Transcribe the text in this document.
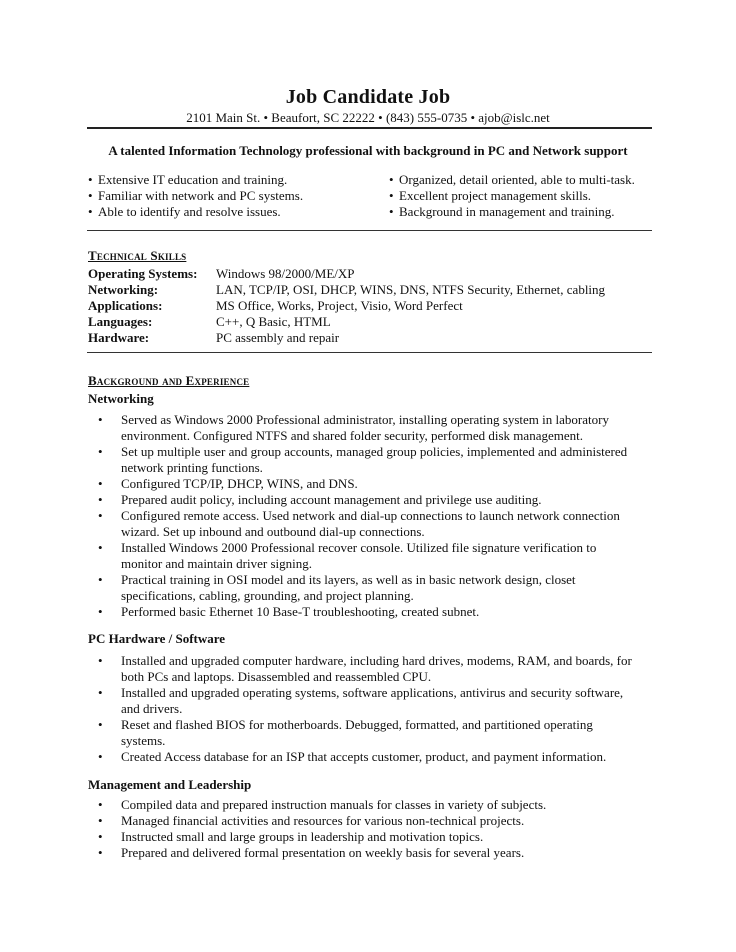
Job Candidate Job
2101 Main St. • Beaufort, SC 22222 • (843) 555-0735 • ajob@islc.net
A talented Information Technology professional with background in PC and Network support
• Extensive IT education and training.
• Familiar with network and PC systems.
• Able to identify and resolve issues.
• Organized, detail oriented, able to multi-task.
• Excellent project management skills.
• Background in management and training.
Technical Skills
Operating Systems: Windows 98/2000/ME/XP
Networking:	LAN, TCP/IP, OSI, DHCP, WINS, DNS, NTFS Security, Ethernet, cabling
Applications:	MS Office, Works, Project, Visio, Word Perfect
Languages:	C++, Q Basic, HTML
Hardware:	PC assembly and repair
Background and Experience
Networking
• Served as Windows 2000 Professional administrator, installing operating system in laboratory
environment. Configured NTFS and shared folder security, performed disk management.
• Set up multiple user and group accounts, managed group policies, implemented and administered
network printing functions.
• Configured TCP/IP, DHCP, WINS, and DNS.
• Prepared audit policy, including account management and privilege use auditing.
• Configured remote access. Used network and dial-up connections to launch network connection
wizard. Set up inbound and outbound dial-up connections.
• Installed Windows 2000 Professional recover console. Utilized file signature verification to
monitor and maintain driver signing.
• Practical training in OSI model and its layers, as well as in basic network design, closet
specifications, cabling, grounding, and project planning.
• Performed basic Ethernet 10 Base-T troubleshooting, created subnet.
PC Hardware / Software
• Installed and upgraded computer hardware, including hard drives, modems, RAM, and boards, for
both PCs and laptops. Disassembled and reassembled CPU.
• Installed and upgraded operating systems, software applications, antivirus and security software,
and drivers.
• Reset and flashed BIOS for motherboards. Debugged, formatted, and partitioned operating
systems.
• Created Access database for an ISP that accepts customer, product, and payment information.
Management and Leadership
• Compiled data and prepared instruction manuals for classes in variety of subjects.
• Managed financial activities and resources for various non-technical projects.
• Instructed small and large groups in leadership and motivation topics.
• Prepared and delivered formal presentation on weekly basis for several years.
